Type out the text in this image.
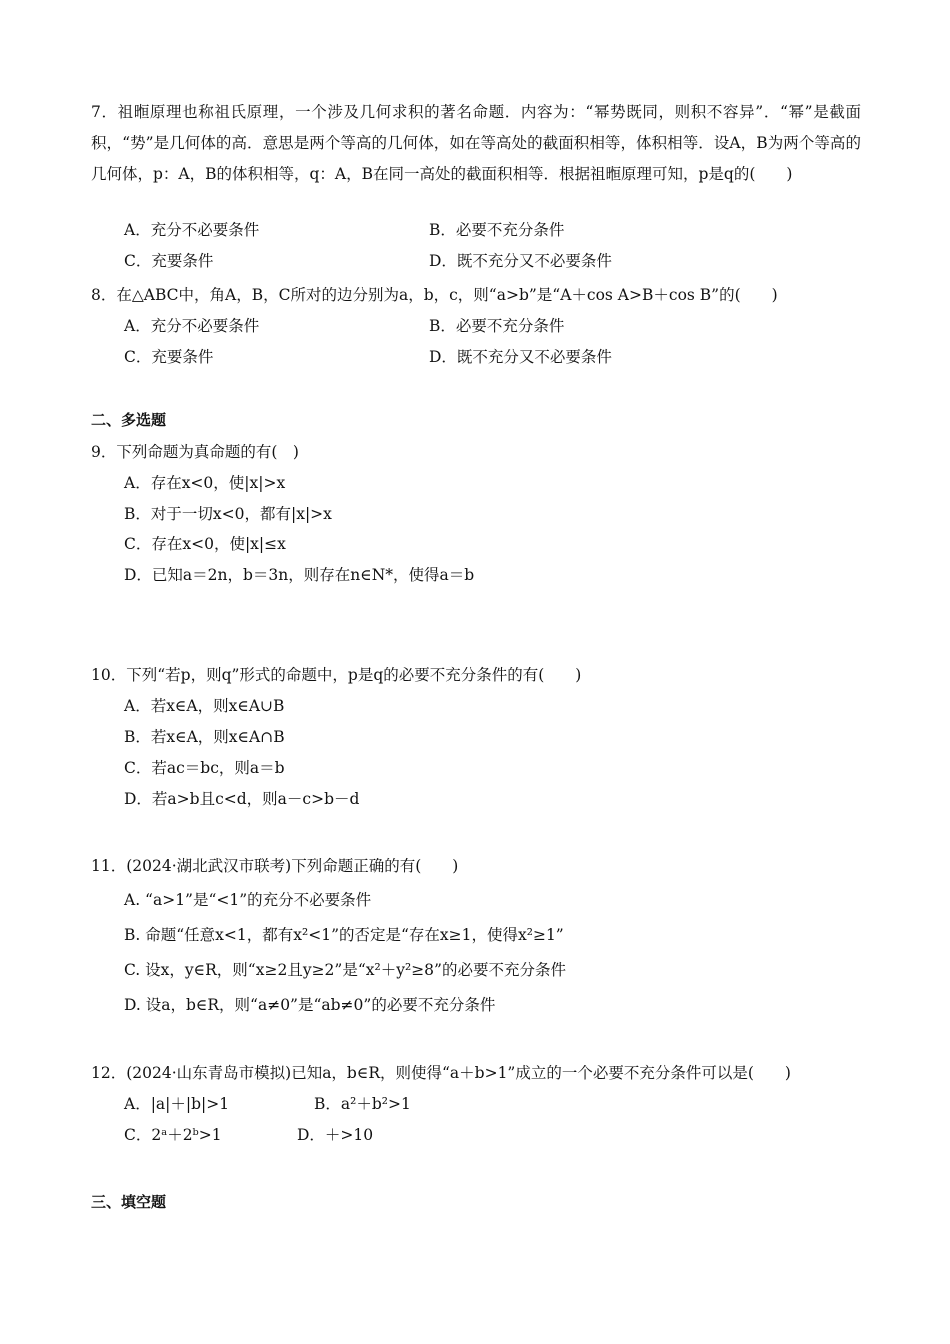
7．祖暅原理也称祖氏原理，一个涉及几何求积的著名命题．内容为：“幂势既同，则积不容异”．“幂”是截面积，“势”是几何体的高．意思是两个等高的几何体，如在等高处的截面积相等，体积相等．设A，B为两个等高的几何体，p：A，B的体积相等，q：A，B在同一高处的截面积相等．根据祖暅原理可知，p是q的(　　)
A．充分不必要条件	B．必要不充分条件
C．充要条件	D．既不充分又不必要条件
8．在△ABC中，角A，B，C所对的边分别为a，b，c，则“a>b”是“A＋cos A>B＋cos B”的(　　)
A．充分不必要条件	B．必要不充分条件
C．充要条件	D．既不充分又不必要条件
二、多选题
9．下列命题为真命题的有(　)
A．存在x<0，使|x|>x
B．对于一切x<0，都有|x|>x
C．存在x<0，使|x|≤x
D．已知a＝2n，b＝3n，则存在n∈N*，使得a＝b
10．下列“若p，则q”形式的命题中，p是q的必要不充分条件的有(　　)
A．若x∈A，则x∈A∪B
B．若x∈A，则x∈A∩B
C．若ac＝bc，则a＝b
D．若a>b且c<d，则a－c>b－d
11．(2024·湖北武汉市联考)下列命题正确的有(　　)
A. “a>1”是“<1”的充分不必要条件
B. 命题“任意x<1，都有x²<1”的否定是“存在x≥1，使得x²≥1”
C. 设x，y∈R，则“x≥2且y≥2”是“x²＋y²≥8”的必要不充分条件
D. 设a，b∈R，则“a≠0”是“ab≠0”的必要不充分条件
12．(2024·山东青岛市模拟)已知a，b∈R，则使得“a＋b>1”成立的一个必要不充分条件可以是(　　)
A．|a|＋|b|>1	B．a²＋b²>1
C．2ᵃ＋2ᵇ>1	D．＋>10
三、填空题
